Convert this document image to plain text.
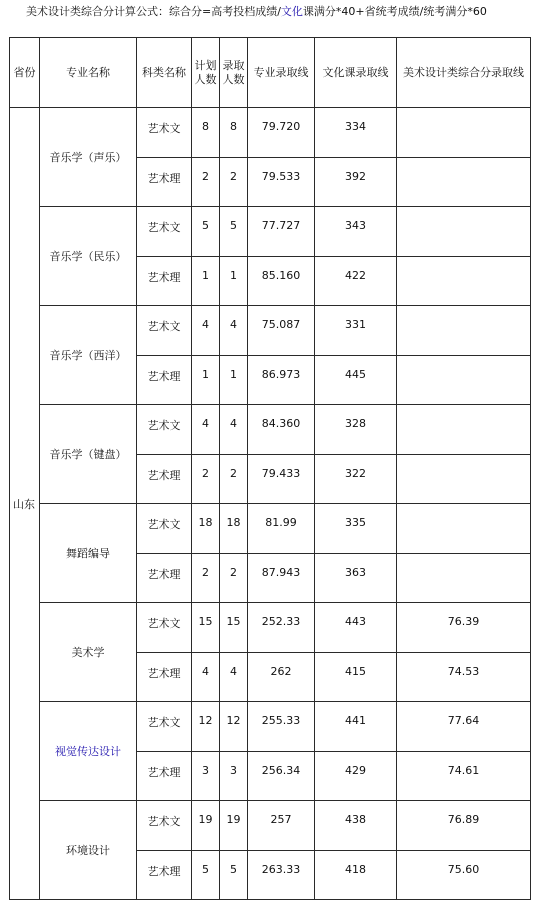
美术设计类综合分计算公式：综合分=高考投档成绩/文化课满分*40+省统考成绩/统考满分*60
省份	专业名称	科类名称	计划
人数	录取
人数	专业录取线	文化课录取线	美术设计类综合分录取线
山东	音乐学（声乐）	艺术文	8	8	79.720	334	
		艺术理	2	2	79.533	392	
	音乐学（民乐）	艺术文	5	5	77.727	343	
		艺术理	1	1	85.160	422	
	音乐学（西洋）	艺术文	4	4	75.087	331	
		艺术理	1	1	86.973	445	
	音乐学（键盘）	艺术文	4	4	84.360	328	
		艺术理	2	2	79.433	322	
	舞蹈编导	艺术文	18	18	81.99	335	
		艺术理	2	2	87.943	363	
	美术学	艺术文	15	15	252.33	443	76.39
		艺术理	4	4	262	415	74.53
	视觉传达设计	艺术文	12	12	255.33	441	77.64
		艺术理	3	3	256.34	429	74.61
	环境设计	艺术文	19	19	257	438	76.89
		艺术理	5	5	263.33	418	75.60
